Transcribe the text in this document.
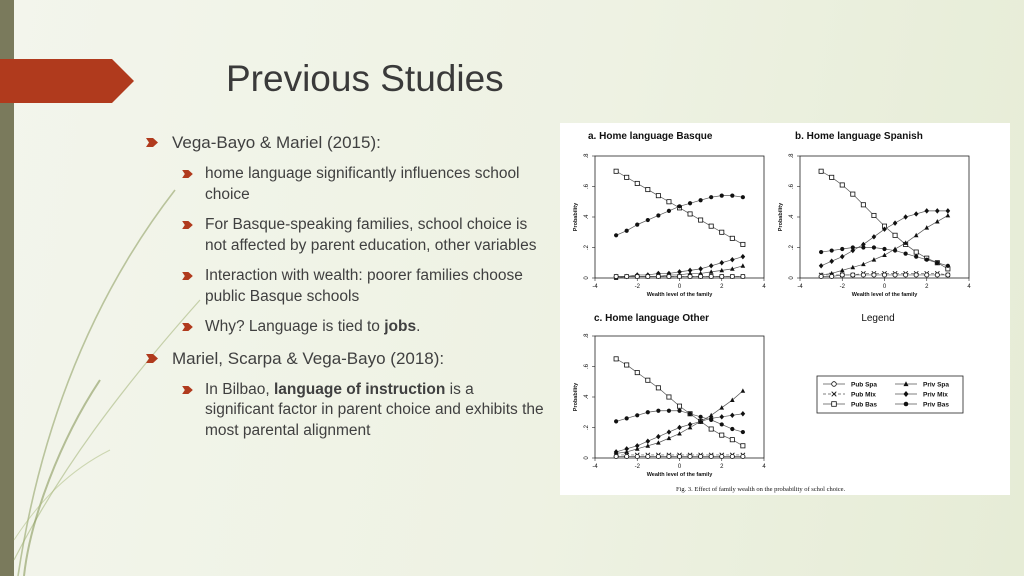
Previous Studies
Vega-Bayo & Mariel (2015):
home language significantly influences school choice
For Basque-speaking families, school choice is not affected by parent education, other variables
Interaction with wealth: poorer families choose public Basque schools
Why? Language is tied to jobs.
Mariel, Scarpa & Vega-Bayo (2018):
In Bilbao, language of instruction is a significant factor in parent choice and exhibits the most parental alignment
a. Home language Basque
-4	-2	0	2	4
0
.2
.4
.6
.8
Wealth level of the family
Probability
b. Home language Spanish
-4	-2	0	2	4
0
.2
.4
.6
.8
Wealth level of the family
Probability
c. Home language Other
-4	-2	0	2	4
0
.2
.4
.6
.8
Wealth level of the family
Probability
Legend
Pub Spa	Priv Spa
Pub Mix	Priv Mix
Pub Bas	Priv Bas
Fig. 3. Effect of family wealth on the probability of schol choice.
